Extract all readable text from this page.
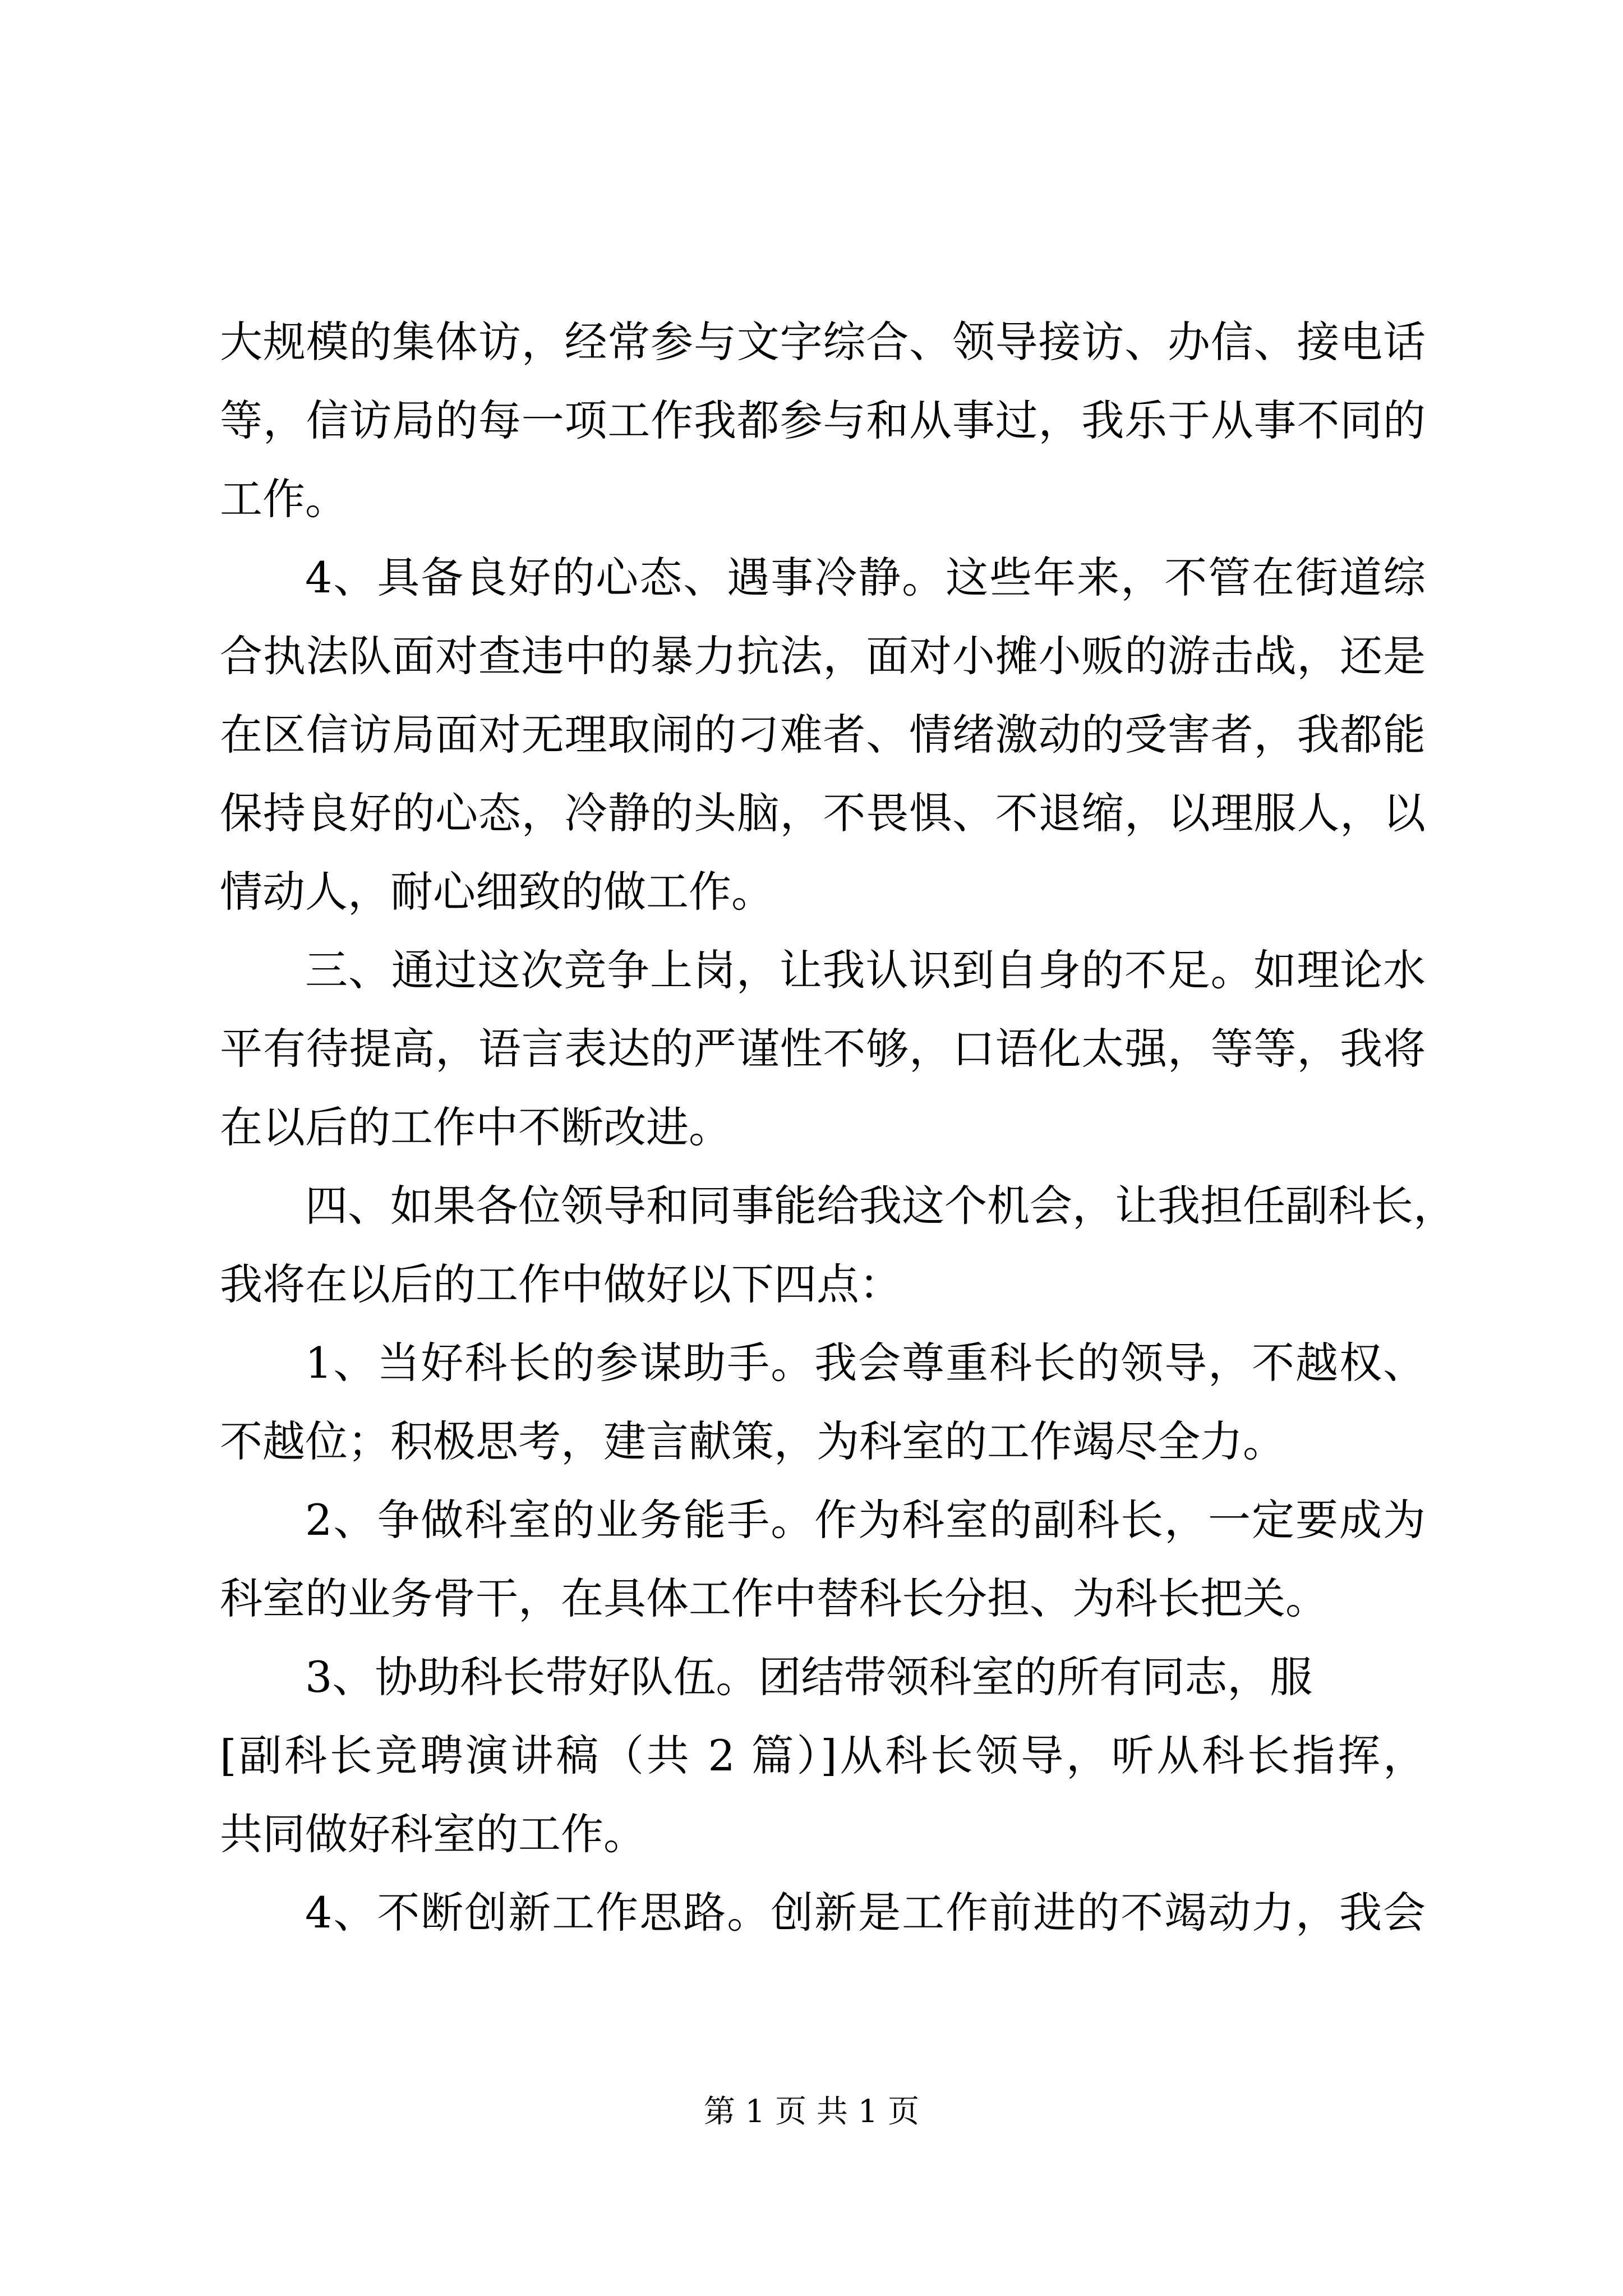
大规模的集体访，经常参与文字综合、领导接访、办信、接电话
等，信访局的每一项工作我都参与和从事过，我乐于从事不同的
工作。
4、具备良好的心态、遇事冷静。这些年来，不管在街道综
合执法队面对查违中的暴力抗法，面对小摊小贩的游击战，还是
在区信访局面对无理取闹的刁难者、情绪激动的受害者，我都能
保持良好的心态，冷静的头脑，不畏惧、不退缩，以理服人，以
情动人，耐心细致的做工作。
三、通过这次竞争上岗，让我认识到自身的不足。如理论水
平有待提高，语言表达的严谨性不够，口语化太强，等等，我将
在以后的工作中不断改进。
四、如果各位领导和同事能给我这个机会，让我担任副科长，
我将在以后的工作中做好以下四点：
1、当好科长的参谋助手。我会尊重科长的领导，不越权、
不越位；积极思考，建言献策，为科室的工作竭尽全力。
2、争做科室的业务能手。作为科室的副科长，一定要成为
科室的业务骨干，在具体工作中替科长分担、为科长把关。
3、协助科长带好队伍。团结带领科室的所有同志，服
[副科长竞聘演讲稿（共 2 篇）]从科长领导，听从科长指挥，
共同做好科室的工作。
4、不断创新工作思路。创新是工作前进的不竭动力，我会
第 1 页 共 1 页
